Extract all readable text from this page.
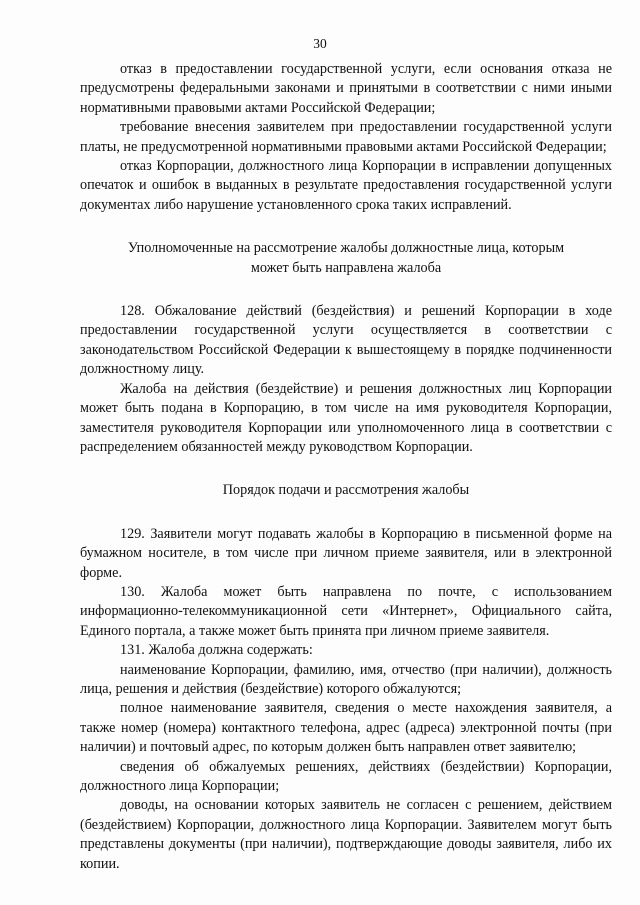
30

отказ в предоставлении государственной услуги, если основания отказа не предусмотрены федеральными законами и принятыми в соответствии с ними иными нормативными правовыми актами Российской Федерации;

требование внесения заявителем при предоставлении государственной услуги платы, не предусмотренной нормативными правовыми актами Российской Федерации;

отказ Корпорации, должностного лица Корпорации в исправлении допущенных опечаток и ошибок в выданных в результате предоставления государственной услуги документах либо нарушение установленного срока таких исправлений.

Уполномоченные на рассмотрение жалобы должностные лица, которым может быть направлена жалоба

128. Обжалование действий (бездействия) и решений Корпорации в ходе предоставлении государственной услуги осуществляется в соответствии с законодательством Российской Федерации к вышестоящему в порядке подчиненности должностному лицу.

Жалоба на действия (бездействие) и решения должностных лиц Корпорации может быть подана в Корпорацию, в том числе на имя руководителя Корпорации, заместителя руководителя Корпорации или уполномоченного лица в соответствии с распределением обязанностей между руководством Корпорации.

Порядок подачи и рассмотрения жалобы

129. Заявители могут подавать жалобы в Корпорацию в письменной форме на бумажном носителе, в том числе при личном приеме заявителя, или в электронной форме.

130. Жалоба может быть направлена по почте, с использованием информационно-телекоммуникационной сети «Интернет», Официального сайта, Единого портала, а также может быть принята при личном приеме заявителя.

131. Жалоба должна содержать:

наименование Корпорации, фамилию, имя, отчество (при наличии), должность лица, решения и действия (бездействие) которого обжалуются;

полное наименование заявителя, сведения о месте нахождения заявителя, а также номер (номера) контактного телефона, адрес (адреса) электронной почты (при наличии) и почтовый адрес, по которым должен быть направлен ответ заявителю;

сведения об обжалуемых решениях, действиях (бездействии) Корпорации, должностного лица Корпорации;

доводы, на основании которых заявитель не согласен с решением, действием (бездействием) Корпорации, должностного лица Корпорации. Заявителем могут быть представлены документы (при наличии), подтверждающие доводы заявителя, либо их копии.
